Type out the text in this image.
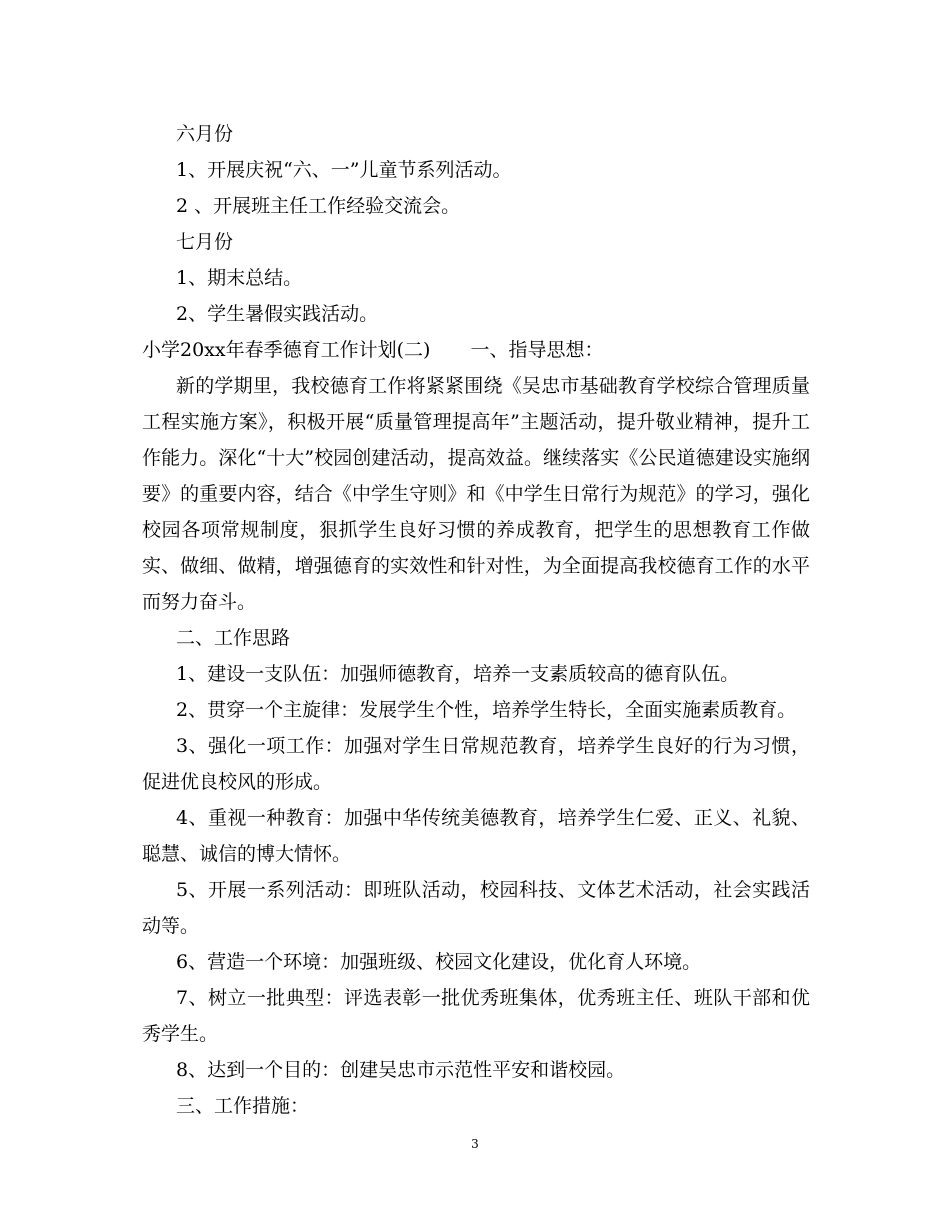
六月份

1、开展庆祝“六、一”儿童节系列活动。

2 、开展班主任工作经验交流会。

七月份

1、期末总结。

2、学生暑假实践活动。

小学20xx年春季德育工作计划(二) 一、指导思想：

新的学期里，我校德育工作将紧紧围绕《吴忠市基础教育学校综合管理质量工程实施方案》，积极开展“质量管理提高年”主题活动，提升敬业精神，提升工作能力。深化“十大”校园创建活动，提高效益。继续落实《公民道德建设实施纲要》的重要内容，结合《中学生守则》和《中学生日常行为规范》的学习，强化校园各项常规制度，狠抓学生良好习惯的养成教育，把学生的思想教育工作做实、做细、做精，增强德育的实效性和针对性，为全面提高我校德育工作的水平而努力奋斗。

二、工作思路

1、建设一支队伍：加强师德教育，培养一支素质较高的德育队伍。

2、贯穿一个主旋律：发展学生个性，培养学生特长，全面实施素质教育。

3、强化一项工作：加强对学生日常规范教育，培养学生良好的行为习惯，促进优良校风的形成。

4、重视一种教育：加强中华传统美德教育，培养学生仁爱、正义、礼貌、聪慧、诚信的博大情怀。

5、开展一系列活动：即班队活动，校园科技、文体艺术活动，社会实践活动等。

6、营造一个环境：加强班级、校园文化建设，优化育人环境。

7、树立一批典型：评选表彰一批优秀班集体，优秀班主任、班队干部和优秀学生。

8、达到一个目的：创建吴忠市示范性平安和谐校园。

三、工作措施：

3
